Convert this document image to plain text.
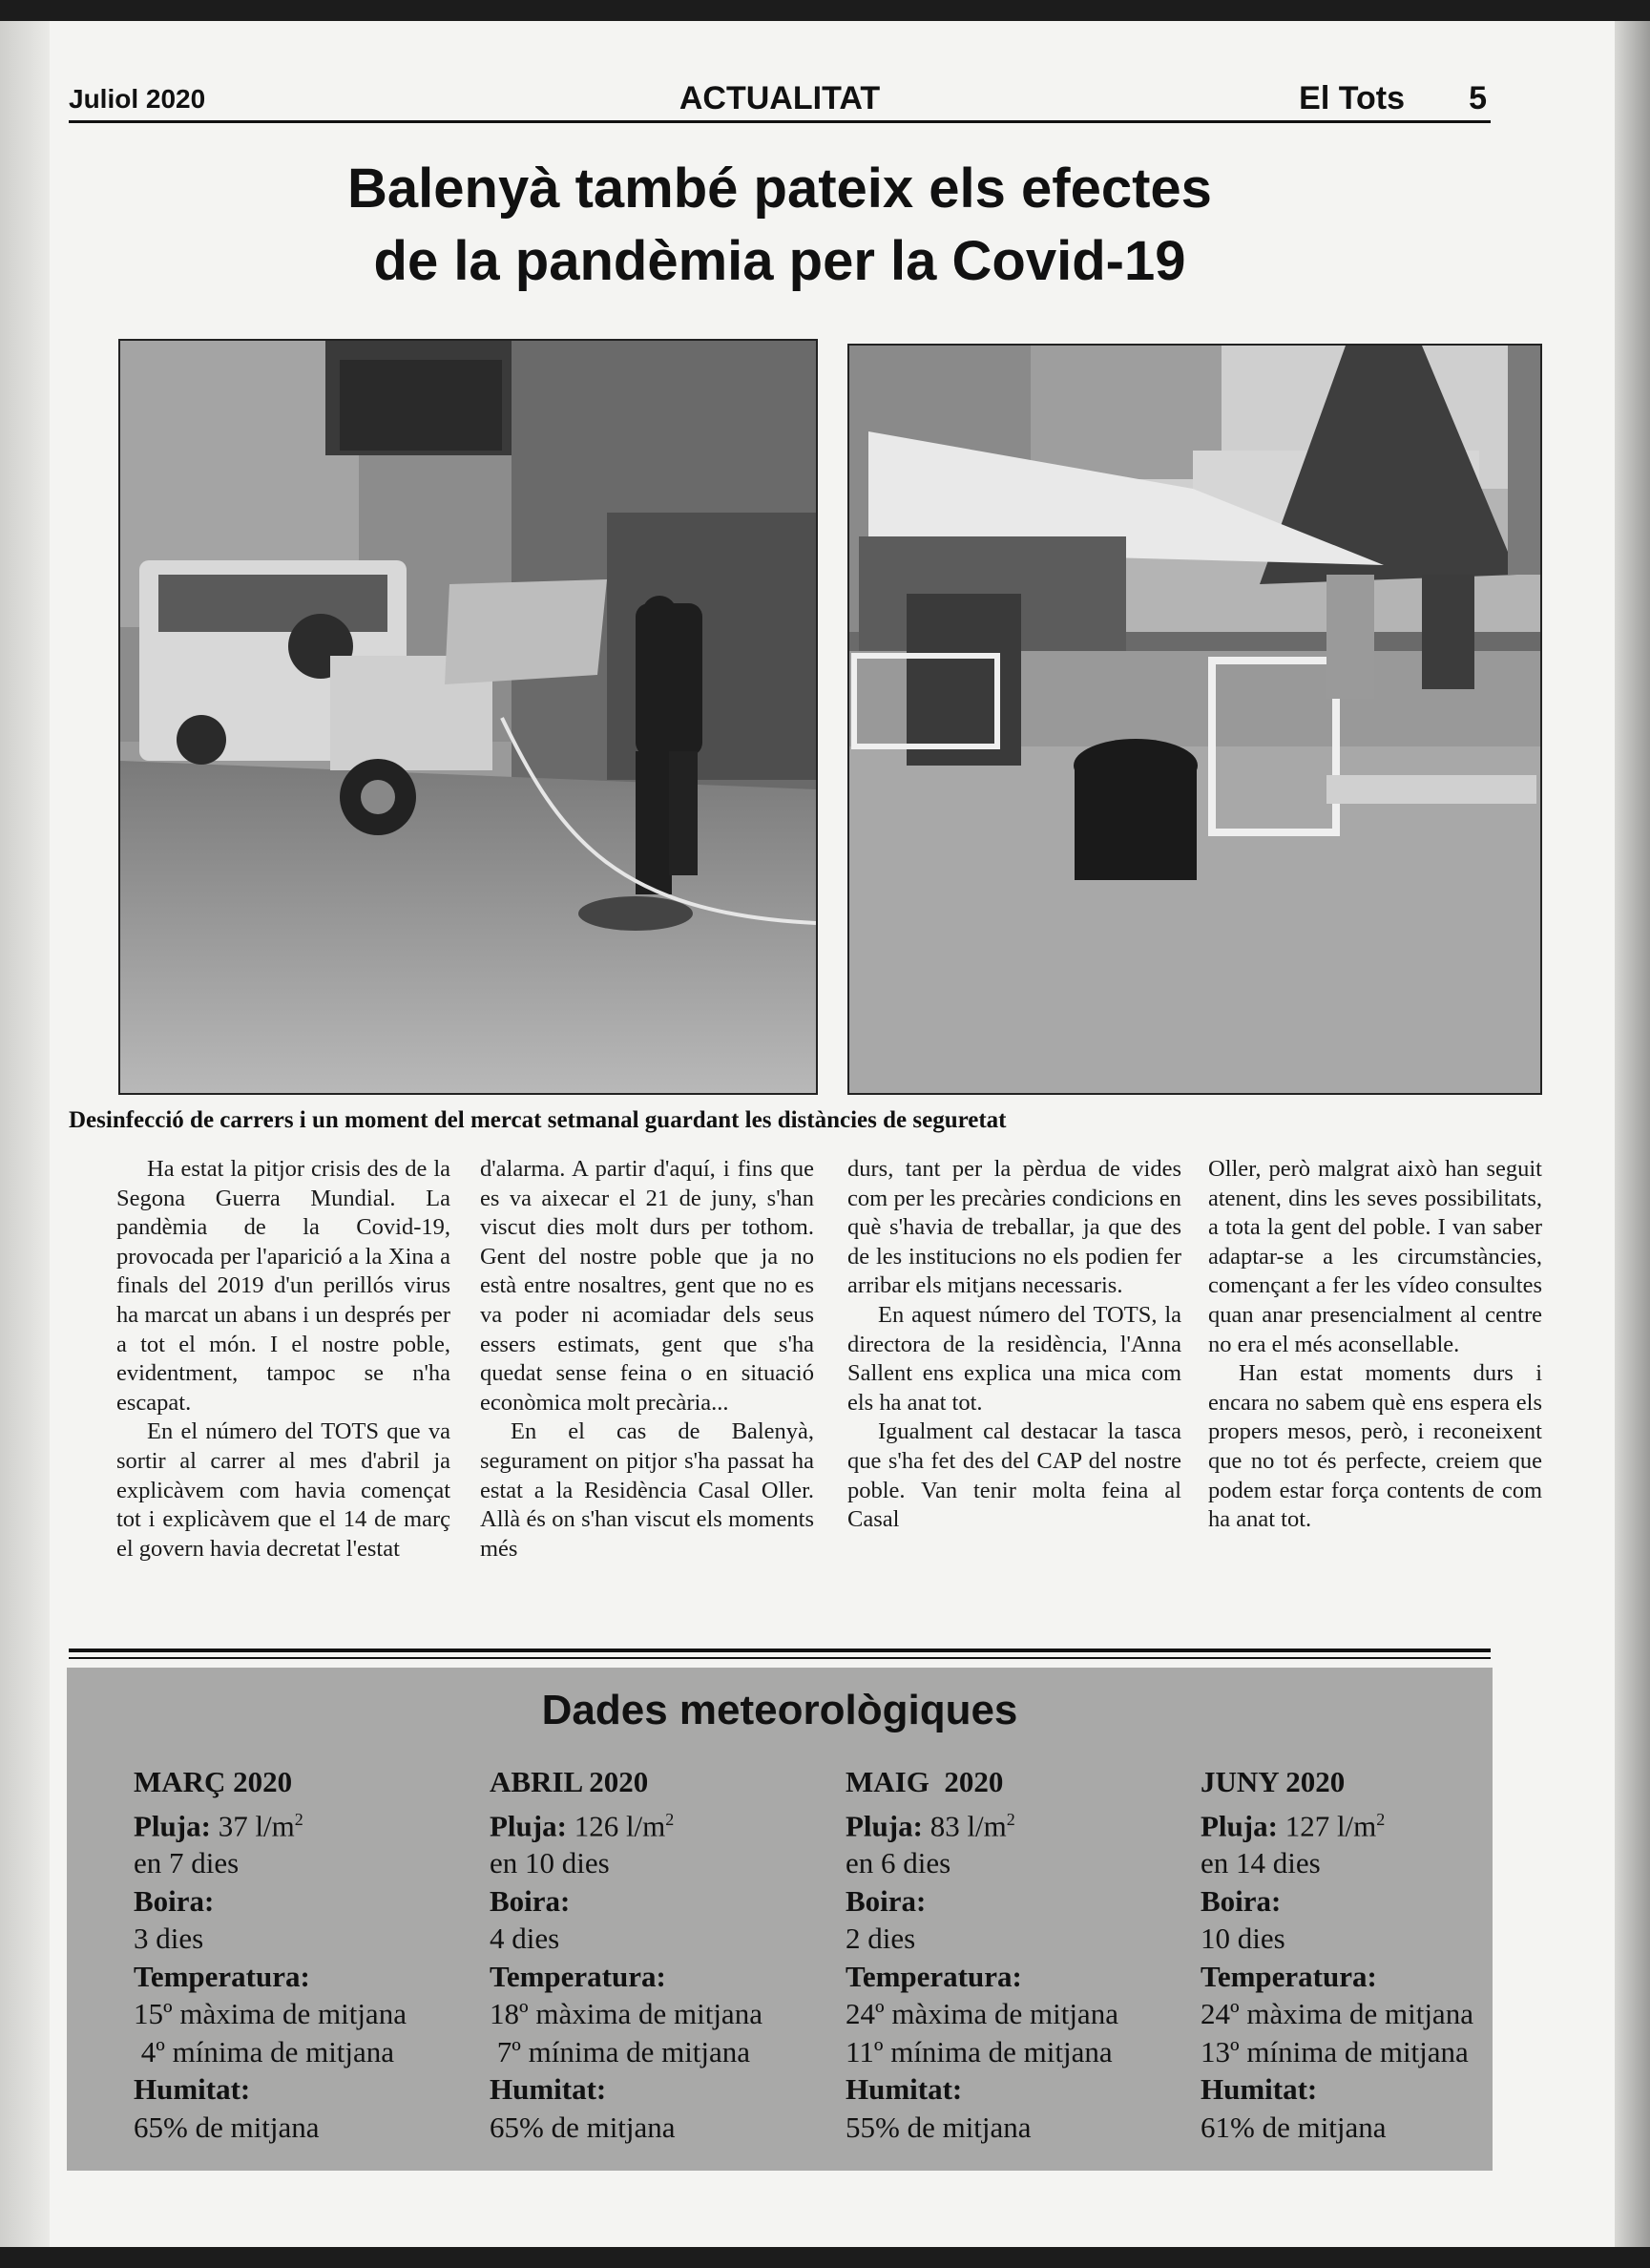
Juliol 2020	ACTUALITAT	El Tots 5
Balenyà també pateix els efectes
de la pandèmia per la Covid-19
Desinfecció de carrers i un moment del mercat setmanal guardant les distàncies de seguretat

Ha estat la pitjor crisis des de la Segona Guerra Mundial. La pandèmia de la Covid-19, provocada per l'aparició a la Xina a finals del 2019 d'un perillós virus ha marcat un abans i un després per a tot el món. I el nostre poble, evidentment, tampoc se n'ha escapat.

En el número del TOTS que va sortir al carrer al mes d'abril ja explicàvem com havia començat tot i explicàvem que el 14 de març el govern havia decretat l'estat

d'alarma. A partir d'aquí, i fins que es va aixecar el 21 de juny, s'han viscut dies molt durs per tothom. Gent del nostre poble que ja no està entre nosaltres, gent que no es va poder ni acomiadar dels seus essers estimats, gent que s'ha quedat sense feina o en situació econòmica molt precària...

En el cas de Balenyà, segurament on pitjor s'ha passat ha estat a la Residència Casal Oller. Allà és on s'han viscut els moments més

durs, tant per la pèrdua de vides com per les precàries condicions en què s'havia de treballar, ja que des de les institucions no els podien fer arribar els mitjans necessaris.

En aquest número del TOTS, la directora de la residència, l'Anna Sallent ens explica una mica com els ha anat tot.

Igualment cal destacar la tasca que s'ha fet des del CAP del nostre poble. Van tenir molta feina al Casal

Oller, però malgrat això han seguit atenent, dins les seves possibilitats, a tota la gent del poble. I van saber adaptar-se a les circumstàncies, començant a fer les vídeo consultes quan anar presencialment al centre no era el més aconsellable.

Han estat moments durs i encara no sabem què ens espera els propers mesos, però, i reconeixent que no tot és perfecte, creiem que podem estar força contents de com ha anat tot.

Dades meteorològiques
MARÇ 2020
Pluja: 37 $l/m^2$
en 7 dies
Boira:
3 dies
Temperatura:
15º màxima de mitjana
4º mínima de mitjana
Humitat:
65% de mitjana
ABRIL 2020
Pluja: 126 $l/m^2$
en 10 dies
Boira:
4 dies
Temperatura:
18º màxima de mitjana
7º mínima de mitjana
Humitat:
65% de mitjana
MAIG  2020
Pluja: 83 $l/m^2$
en 6 dies
Boira:
2 dies
Temperatura:
24º màxima de mitjana
11º mínima de mitjana
Humitat:
55% de mitjana
JUNY 2020
Pluja: 127 $l/m^2$
en 14 dies
Boira:
10 dies
Temperatura:
24º màxima de mitjana
13º mínima de mitjana
Humitat:
61% de mitjana
